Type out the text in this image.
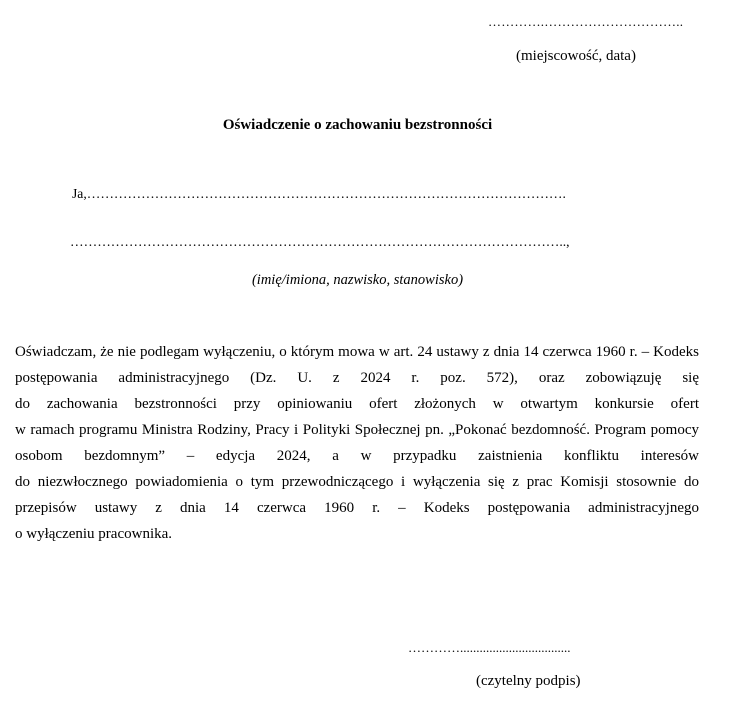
………….…………………………..
(miejscowość, data)
Oświadczenie o zachowaniu bezstronności
Ja,…………………………………………………………………………………………….
………………………………………………………………………………………………..,
(imię/imiona, nazwisko, stanowisko)
Oświadczam, że nie podlegam wyłączeniu, o którym mowa w art. 24 ustawy z dnia 14 czerwca 1960 r. – Kodeks
postępowania administracyjnego (Dz. U. z 2024 r. poz. 572), oraz zobowiązuję się
do zachowania bezstronności przy opiniowaniu ofert złożonych w otwartym konkursie ofert
w ramach programu Ministra Rodziny, Pracy i Polityki Społecznej pn. „Pokonać bezdomność. Program pomocy
osobom bezdomnym” – edycja 2024, a w przypadku zaistnienia konfliktu interesów
do niezwłocznego powiadomienia o tym przewodniczącego i wyłączenia się z prac Komisji stosownie do
przepisów ustawy z dnia 14 czerwca 1960 r. – Kodeks postępowania administracyjnego
o wyłączeniu pracownika.
…………..................................
(czytelny podpis)
